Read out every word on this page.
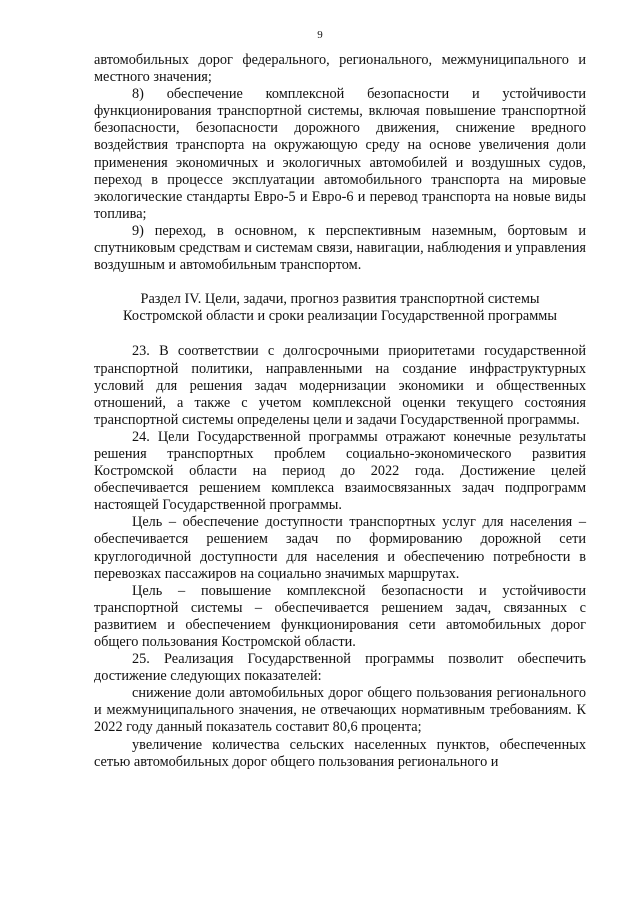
9

автомобильных дорог федерального, регионального, межмуниципального и местного значения;

8) обеспечение комплексной безопасности и устойчивости функционирования транспортной системы, включая повышение транспортной безопасности, безопасности дорожного движения, снижение вредного воздействия транспорта на окружающую среду на основе увеличения доли применения экономичных и экологичных автомобилей и воздушных судов, переход в процессе эксплуатации автомобильного транспорта на мировые экологические стандарты Евро-5 и Евро-6 и перевод транспорта на новые виды топлива;

9) переход, в основном, к перспективным наземным, бортовым и спутниковым средствам и системам связи, навигации, наблюдения и управления воздушным и автомобильным транспортом.

Раздел IV. Цели, задачи, прогноз развития транспортной системы

Костромской области и сроки реализации Государственной программы

23. В соответствии с долгосрочными приоритетами государственной транспортной политики, направленными на создание инфраструктурных условий для решения задач модернизации экономики и общественных отношений, а также с учетом комплексной оценки текущего состояния транспортной системы определены цели и задачи Государственной программы.

24. Цели Государственной программы отражают конечные результаты решения транспортных проблем социально-экономического развития Костромской области на период до 2022 года. Достижение целей обеспечивается решением комплекса взаимосвязанных задач подпрограмм настоящей Государственной программы.

Цель – обеспечение доступности транспортных услуг для населения – обеспечивается решением задач по формированию дорожной сети круглогодичной доступности для населения и обеспечению потребности в перевозках пассажиров на социально значимых маршрутах.

Цель – повышение комплексной безопасности и устойчивости транспортной системы – обеспечивается решением задач, связанных с развитием и обеспечением функционирования сети автомобильных дорог общего пользования Костромской области.

25. Реализация Государственной программы позволит обеспечить достижение следующих показателей:

снижение доли автомобильных дорог общего пользования регионального и межмуниципального значения, не отвечающих нормативным требованиям. К 2022 году данный показатель составит 80,6 процента;

увеличение количества сельских населенных пунктов, обеспеченных сетью автомобильных дорог общего пользования регионального и
